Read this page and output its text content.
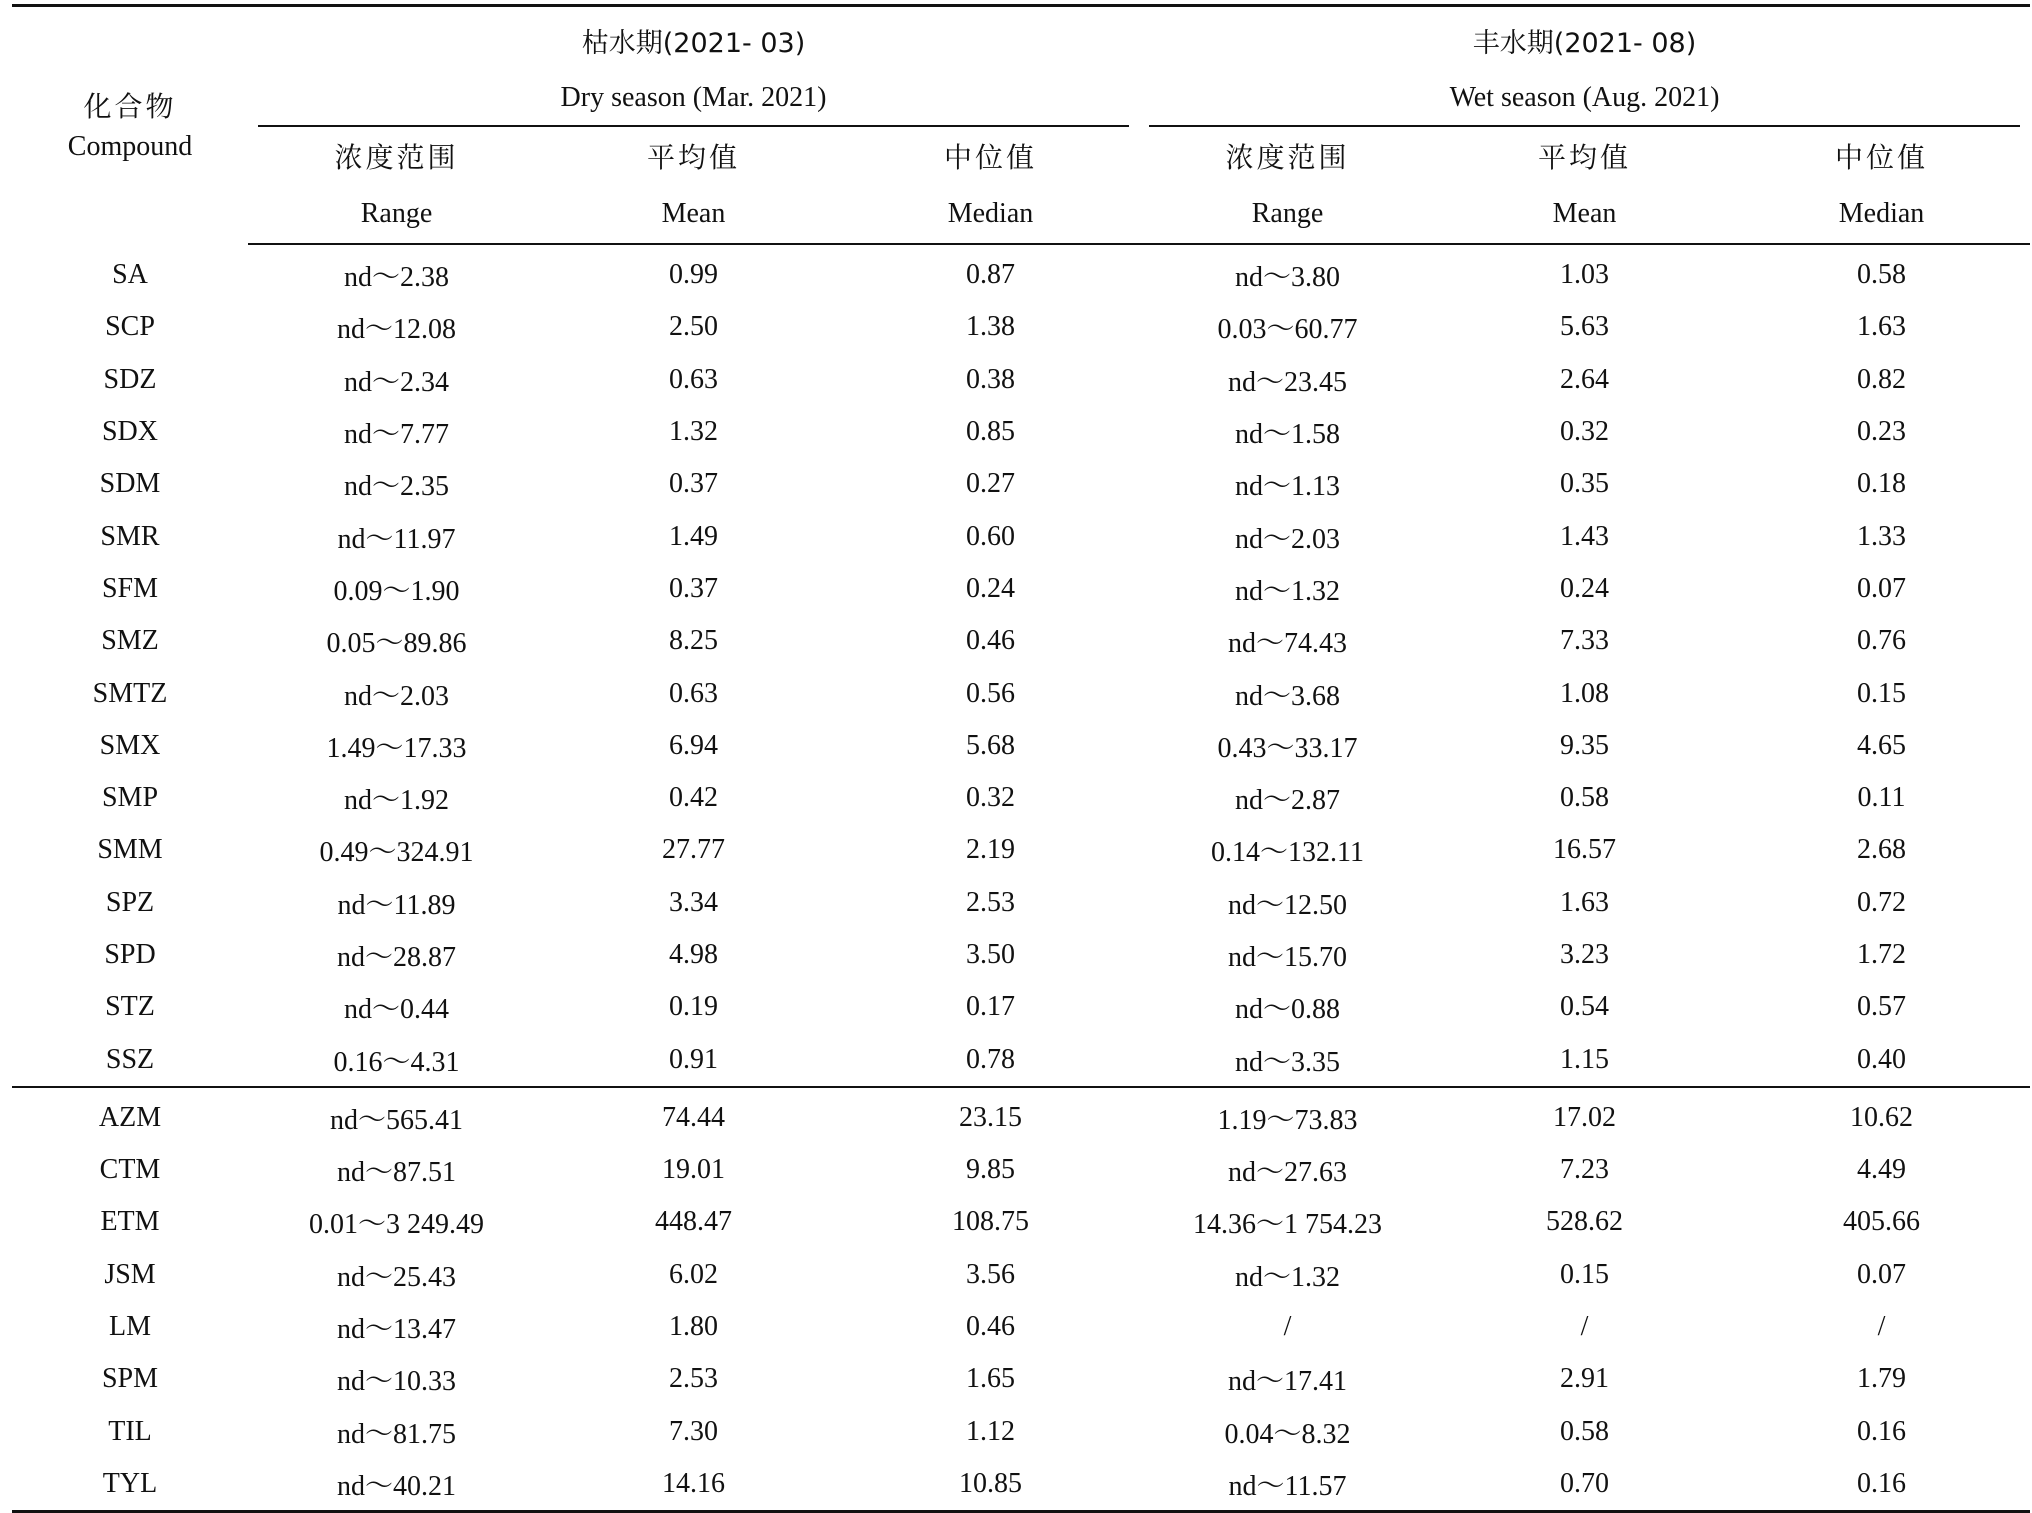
化合物	枯水期(2021- 03)			丰水期(2021- 08)		
	Dry season (Mar. 2021)			Wet season (Aug. 2021)		

Compound	浓度范围	平均值	中位值	浓度范围	平均值	中位值
	Range	Mean	Median	Range	Mean	Median
SA	nd～2.38	0.99	0.87	nd～3.80	1.03	0.58
SCP	nd～12.08	2.50	1.38	0.03～60.77	5.63	1.63
SDZ	nd～2.34	0.63	0.38	nd～23.45	2.64	0.82
SDX	nd～7.77	1.32	0.85	nd～1.58	0.32	0.23
SDM	nd～2.35	0.37	0.27	nd～1.13	0.35	0.18
SMR	nd～11.97	1.49	0.60	nd～2.03	1.43	1.33
SFM	0.09～1.90	0.37	0.24	nd～1.32	0.24	0.07
SMZ	0.05～89.86	8.25	0.46	nd～74.43	7.33	0.76
SMTZ	nd～2.03	0.63	0.56	nd～3.68	1.08	0.15
SMX	1.49～17.33	6.94	5.68	0.43～33.17	9.35	4.65
SMP	nd～1.92	0.42	0.32	nd～2.87	0.58	0.11
SMM	0.49～324.91	27.77	2.19	0.14～132.11	16.57	2.68
SPZ	nd～11.89	3.34	2.53	nd～12.50	1.63	0.72
SPD	nd～28.87	4.98	3.50	nd～15.70	3.23	1.72
STZ	nd～0.44	0.19	0.17	nd～0.88	0.54	0.57
SSZ	0.16～4.31	0.91	0.78	nd～3.35	1.15	0.40
AZM	nd～565.41	74.44	23.15	1.19～73.83	17.02	10.62
CTM	nd～87.51	19.01	9.85	nd～27.63	7.23	4.49
ETM	0.01～3 249.49	448.47	108.75	14.36～1 754.23	528.62	405.66
JSM	nd～25.43	6.02	3.56	nd～1.32	0.15	0.07
LM	nd～13.47	1.80	0.46	/	/	/
SPM	nd～10.33	2.53	1.65	nd～17.41	2.91	1.79
TIL	nd～81.75	7.30	1.12	0.04～8.32	0.58	0.16
TYL	nd～40.21	14.16	10.85	nd～11.57	0.70	0.16
